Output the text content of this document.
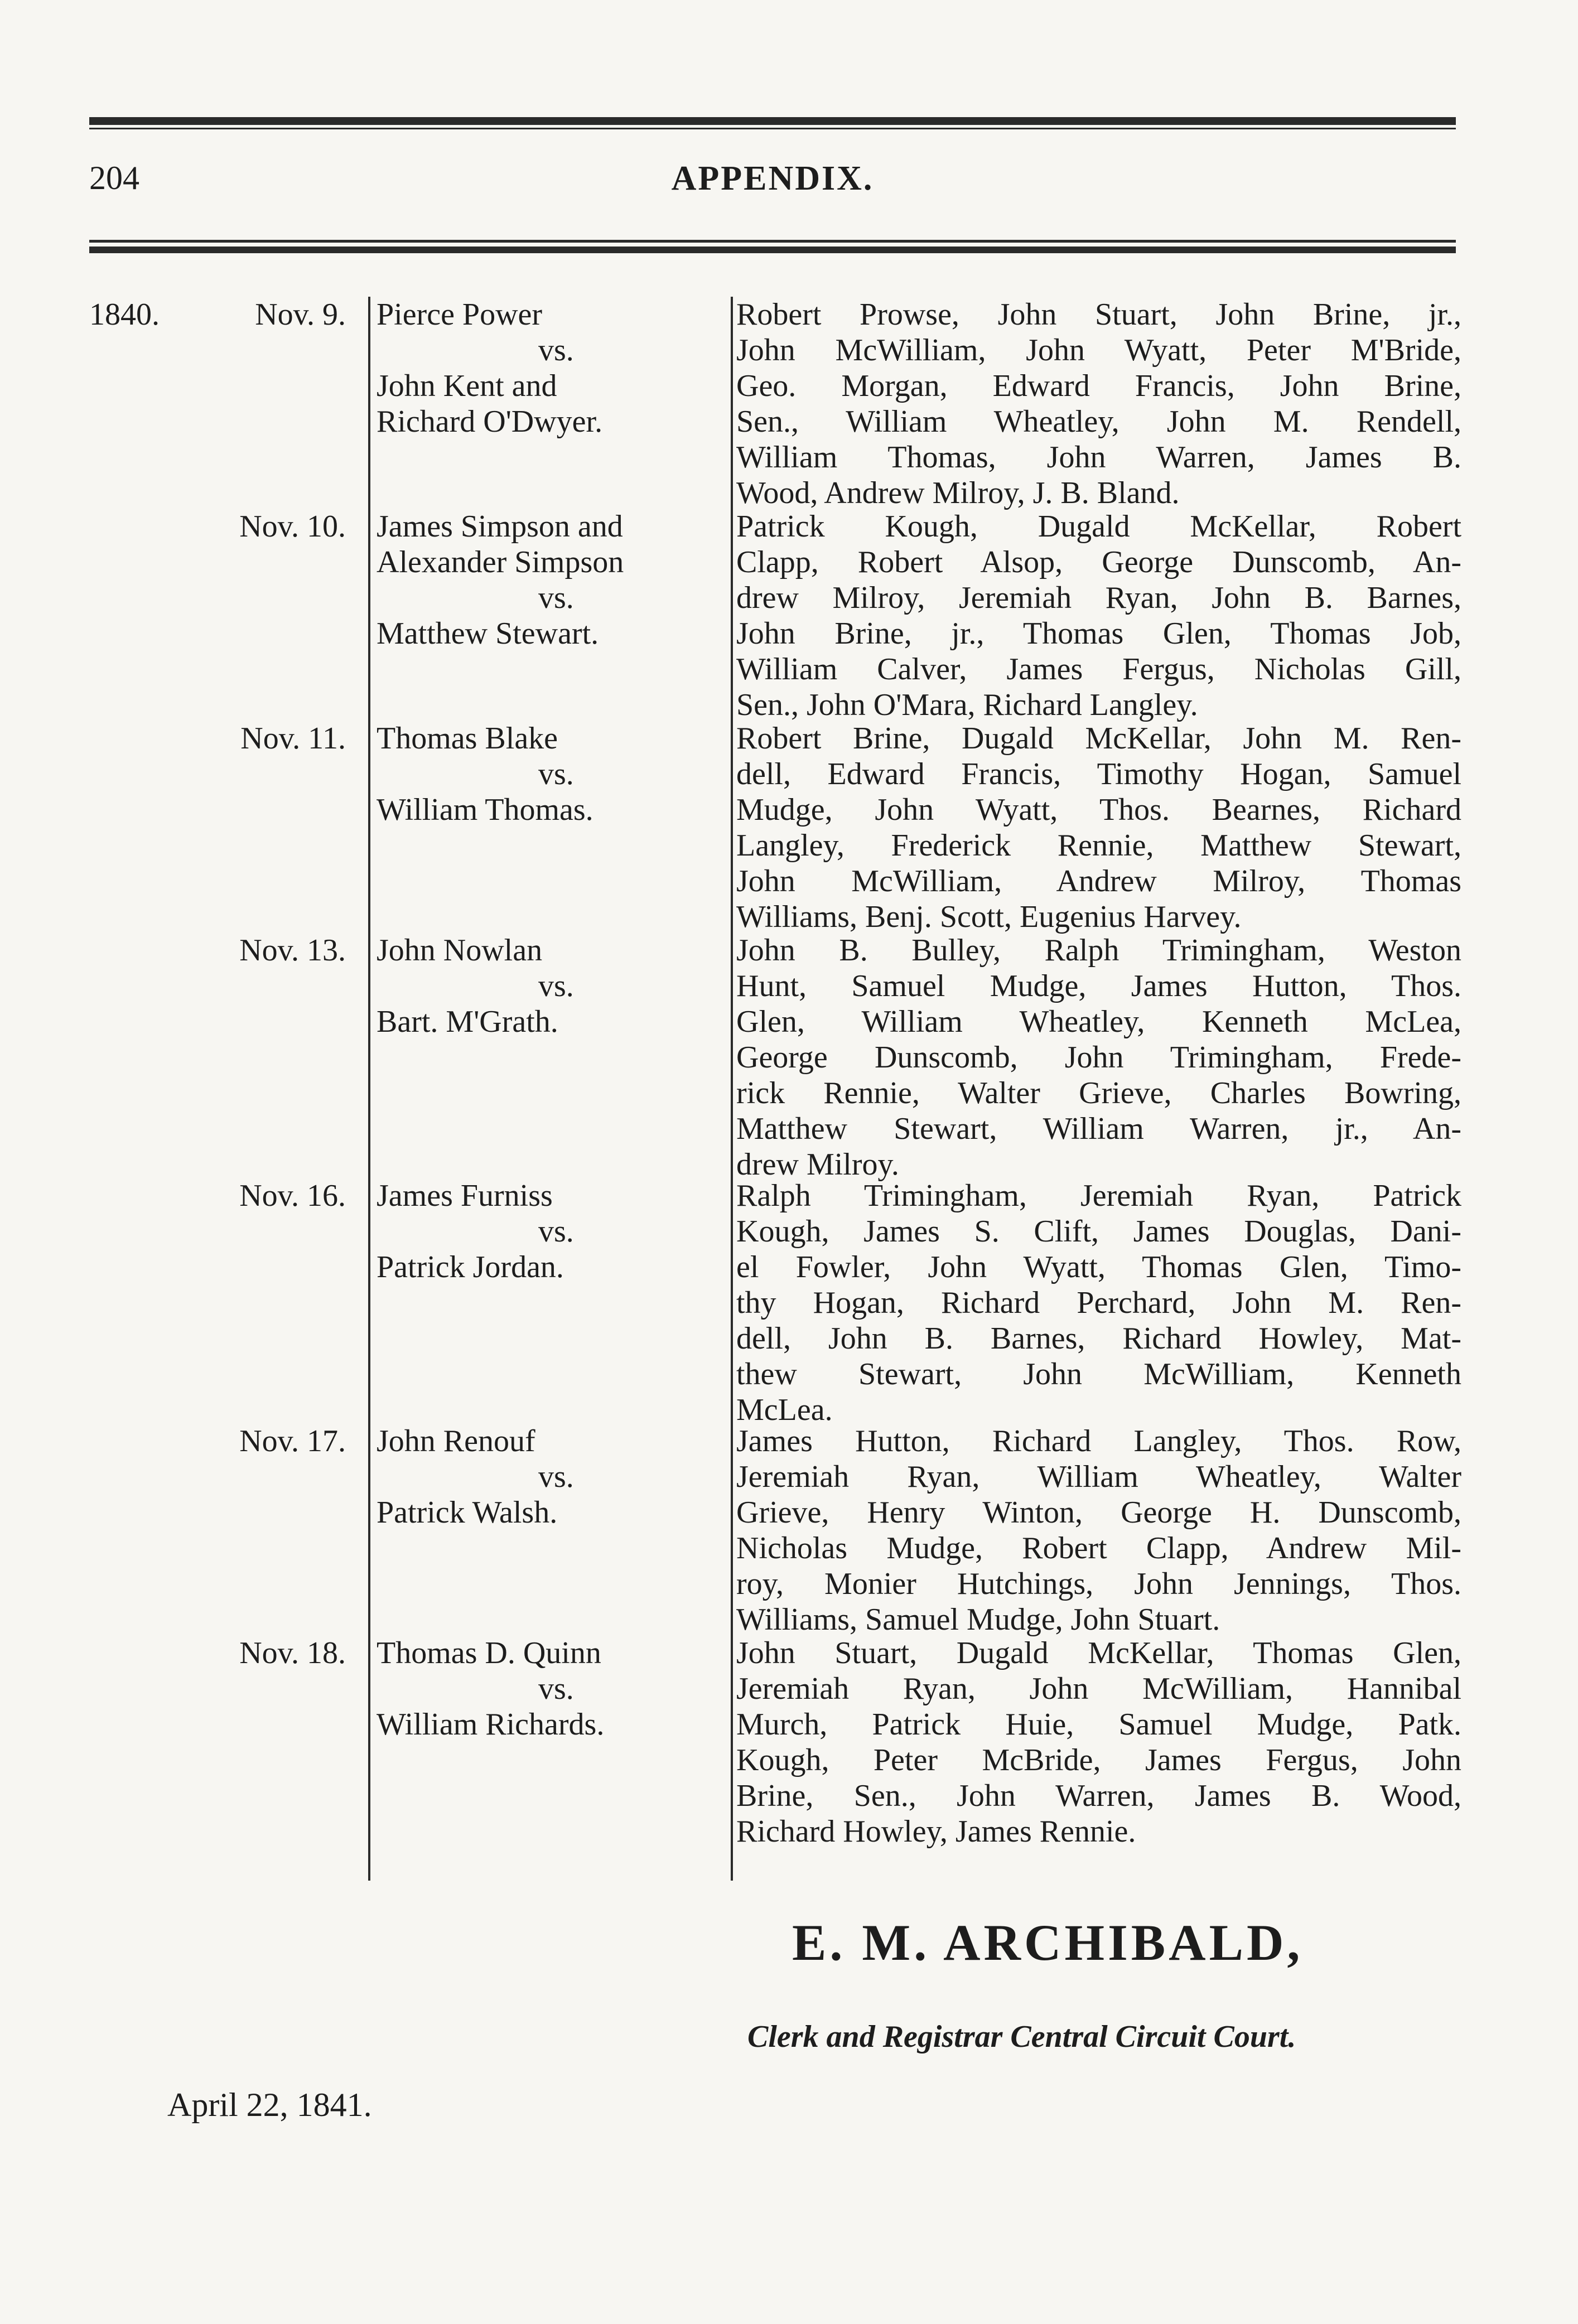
204	APPENDIX.
1840.	Nov. 9. Pierce Power
vs.
John Kent and
Richard O'Dwyer.
Robert Prowse, John Stuart, John Brine, jr.,
John McWilliam, John Wyatt, Peter M'Bride,
Geo. Morgan, Edward Francis, John Brine,
Sen., William Wheatley, John M. Rendell,
William Thomas, John Warren, James B.
Wood, Andrew Milroy, J. B. Bland.
Nov. 10. James Simpson and
Alexander Simpson
vs.
Matthew Stewart.
Patrick Kough, Dugald McKellar, Robert
Clapp, Robert Alsop, George Dunscomb, An-
drew Milroy, Jeremiah Ryan, John B. Barnes,
John Brine, jr., Thomas Glen, Thomas Job,
William Calver, James Fergus, Nicholas Gill,
Sen., John O'Mara, Richard Langley.
Nov. 11. Thomas Blake
vs.
William Thomas.
Robert Brine, Dugald McKellar, John M. Ren-
dell, Edward Francis, Timothy Hogan, Samuel
Mudge, John Wyatt, Thos. Bearnes, Richard
Langley, Frederick Rennie, Matthew Stewart,
John McWilliam, Andrew Milroy, Thomas
Williams, Benj. Scott, Eugenius Harvey.
Nov. 13. John Nowlan
vs.
Bart. M'Grath.
John B. Bulley, Ralph Trimingham, Weston
Hunt, Samuel Mudge, James Hutton, Thos.
Glen, William Wheatley, Kenneth McLea,
George Dunscomb, John Trimingham, Frede-
rick Rennie, Walter Grieve, Charles Bowring,
Matthew Stewart, William Warren, jr., An-
drew Milroy.
Nov. 16. James Furniss
vs.
Patrick Jordan.
Ralph Trimingham, Jeremiah Ryan, Patrick
Kough, James S. Clift, James Douglas, Dani-
el Fowler, John Wyatt, Thomas Glen, Timo-
thy Hogan, Richard Perchard, John M. Ren-
dell, John B. Barnes, Richard Howley, Mat-
thew Stewart, John McWilliam, Kenneth
McLea.
Nov. 17. John Renouf
vs.
Patrick Walsh.
James Hutton, Richard Langley, Thos. Row,
Jeremiah Ryan, William Wheatley, Walter
Grieve, Henry Winton, George H. Dunscomb,
Nicholas Mudge, Robert Clapp, Andrew Mil-
roy, Monier Hutchings, John Jennings, Thos.
Williams, Samuel Mudge, John Stuart.
Nov. 18. Thomas D. Quinn
vs.
William Richards.
John Stuart, Dugald McKellar, Thomas Glen,
Jeremiah Ryan, John McWilliam, Hannibal
Murch, Patrick Huie, Samuel Mudge, Patk.
Kough, Peter McBride, James Fergus, John
Brine, Sen., John Warren, James B. Wood,
Richard Howley, James Rennie.
E. M. ARCHIBALD,
Clerk and Registrar Central Circuit Court.
April 22, 1841.
